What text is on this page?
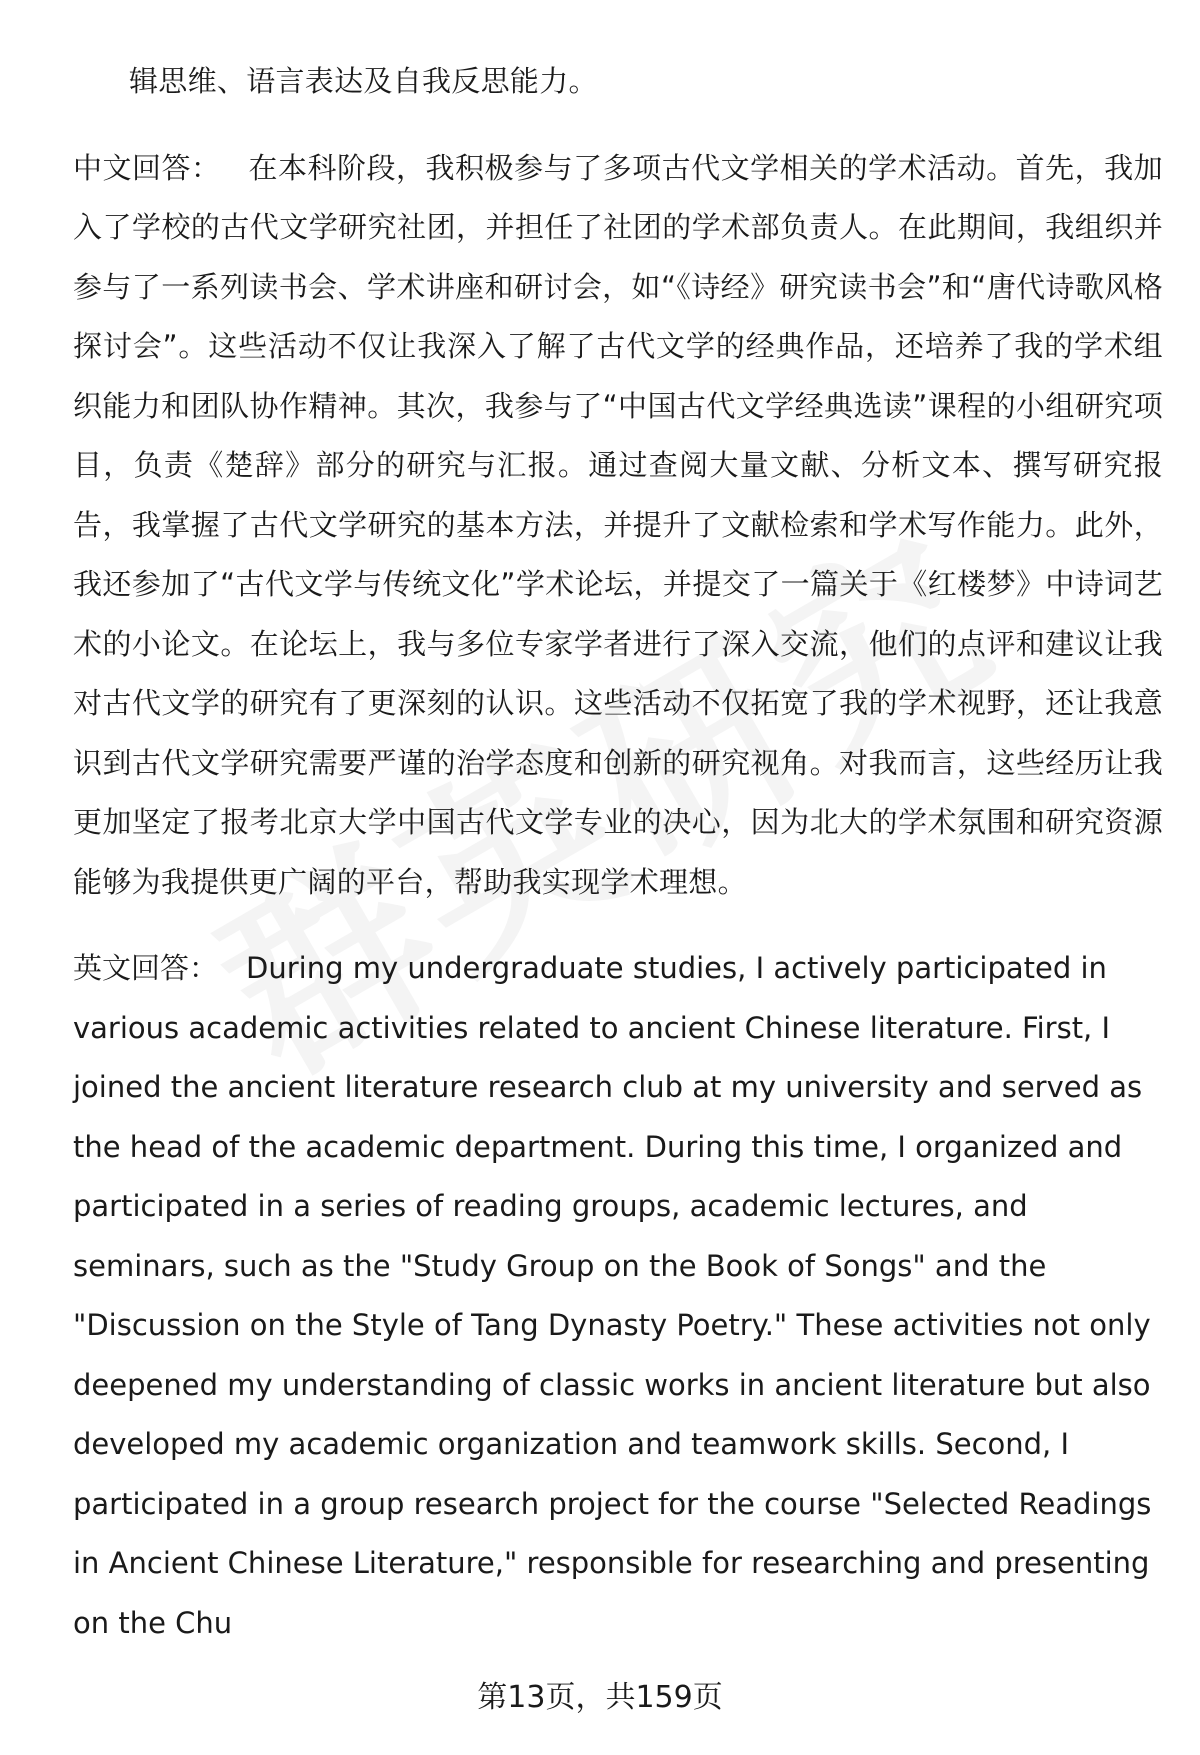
辑思维、语言表达及自我反思能力。

中文回答： 在本科阶段，我积极参与了多项古代文学相关的学术活动。首先，我加入了学校的古代文学研究社团，并担任了社团的学术部负责人。在此期间，我组织并参与了一系列读书会、学术讲座和研讨会，如“《诗经》研究读书会”和“唐代诗歌风格探讨会”。这些活动不仅让我深入了解了古代文学的经典作品，还培养了我的学术组织能力和团队协作精神。其次，我参与了“中国古代文学经典选读”课程的小组研究项目，负责《楚辞》部分的研究与汇报。通过查阅大量文献、分析文本、撰写研究报告，我掌握了古代文学研究的基本方法，并提升了文献检索和学术写作能力。此外，我还参加了“古代文学与传统文化”学术论坛，并提交了一篇关于《红楼梦》中诗词艺术的小论文。在论坛上，我与多位专家学者进行了深入交流，他们的点评和建议让我对古代文学的研究有了更深刻的认识。这些活动不仅拓宽了我的学术视野，还让我意识到古代文学研究需要严谨的治学态度和创新的研究视角。对我而言，这些经历让我更加坚定了报考北京大学中国古代文学专业的决心，因为北大的学术氛围和研究资源能够为我提供更广阔的平台，帮助我实现学术理想。

英文回答： During my undergraduate studies, I actively participated in various academic activities related to ancient Chinese literature. First, I joined the ancient literature research club at my university and served as the head of the academic department. During this time, I organized and participated in a series of reading groups, academic lectures, and seminars, such as the "Study Group on the Book of Songs" and the "Discussion on the Style of Tang Dynasty Poetry." These activities not only deepened my understanding of classic works in ancient literature but also developed my academic organization and teamwork skills. Second, I participated in a group research project for the course "Selected Readings in Ancient Chinese Literature," responsible for researching and presenting on the Chu

第13页，共159页
